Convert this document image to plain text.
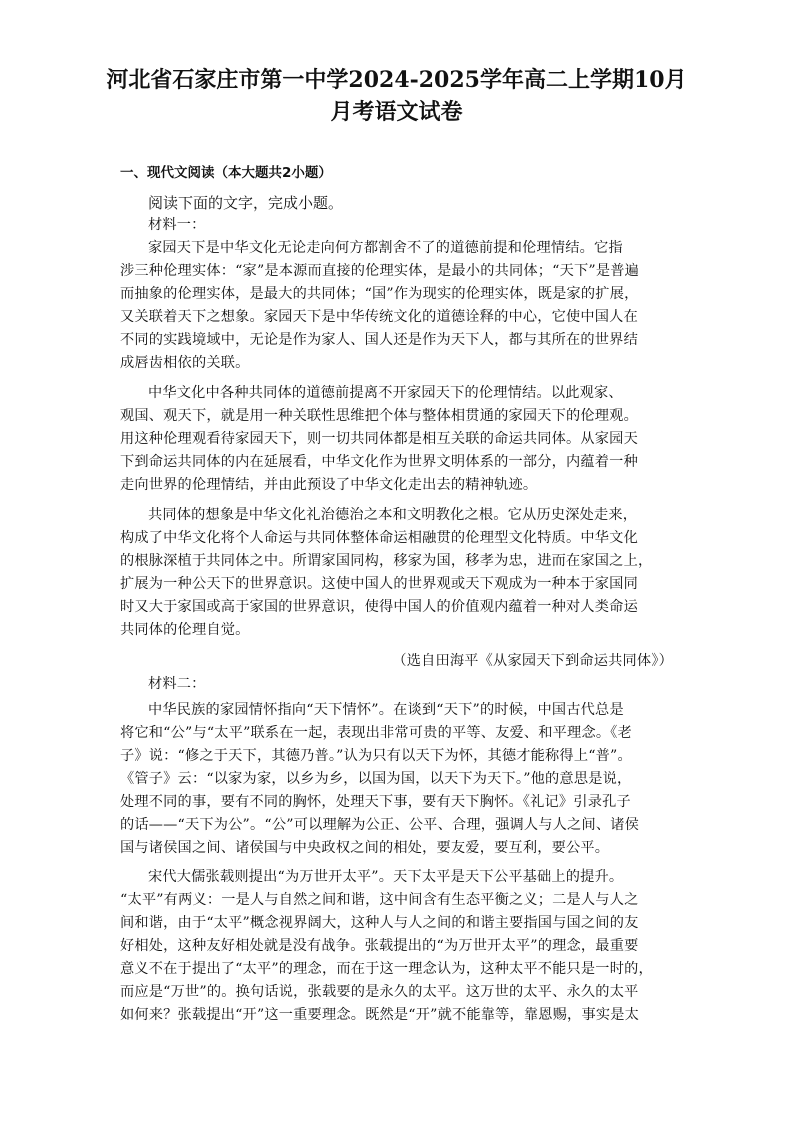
河北省石家庄市第一中学2024-2025学年高二上学期10月
月考语文试卷
一、现代文阅读（本大题共2小题）
阅读下面的文字，完成小题。
材料一：
家园天下是中华文化无论走向何方都割舍不了的道德前提和伦理情结。它指
涉三种伦理实体：“家”是本源而直接的伦理实体，是最小的共同体；“天下”是普遍
而抽象的伦理实体，是最大的共同体；“国”作为现实的伦理实体，既是家的扩展，
又关联着天下之想象。家园天下是中华传统文化的道德诠释的中心，它使中国人在
不同的实践境域中，无论是作为家人、国人还是作为天下人，都与其所在的世界结
成唇齿相依的关联。
中华文化中各种共同体的道德前提离不开家园天下的伦理情结。以此观家、
观国、观天下，就是用一种关联性思维把个体与整体相贯通的家园天下的伦理观。
用这种伦理观看待家园天下，则一切共同体都是相互关联的命运共同体。从家园天
下到命运共同体的内在延展看，中华文化作为世界文明体系的一部分，内蕴着一种
走向世界的伦理情结，并由此预设了中华文化走出去的精神轨迹。
共同体的想象是中华文化礼治德治之本和文明教化之根。它从历史深处走来，
构成了中华文化将个人命运与共同体整体命运相融贯的伦理型文化特质。中华文化
的根脉深植于共同体之中。所谓家国同构，移家为国，移孝为忠，进而在家国之上，
扩展为一种公天下的世界意识。这使中国人的世界观或天下观成为一种本于家国同
时又大于家国或高于家国的世界意识，使得中国人的价值观内蕴着一种对人类命运
共同体的伦理自觉。
（选自田海平《从家园天下到命运共同体》）
材料二：
中华民族的家园情怀指向“天下情怀”。在谈到“天下”的时候，中国古代总是
将它和“公”与“太平”联系在一起，表现出非常可贵的平等、友爱、和平理念。《老
子》说：“修之于天下，其德乃普。”认为只有以天下为怀，其德才能称得上“普”。
《管子》云：“以家为家，以乡为乡，以国为国，以天下为天下。”他的意思是说，
处理不同的事，要有不同的胸怀，处理天下事，要有天下胸怀。《礼记》引录孔子
的话——“天下为公”。“公”可以理解为公正、公平、合理，强调人与人之间、诸侯
国与诸侯国之间、诸侯国与中央政权之间的相处，要友爱，要互利，要公平。
宋代大儒张载则提出“为万世开太平”。天下太平是天下公平基础上的提升。
“太平”有两义：一是人与自然之间和谐，这中间含有生态平衡之义；二是人与人之
间和谐，由于“太平”概念视界阔大，这种人与人之间的和谐主要指国与国之间的友
好相处，这种友好相处就是没有战争。张载提出的“为万世开太平”的理念，最重要
意义不在于提出了“太平”的理念，而在于这一理念认为，这种太平不能只是一时的，
而应是“万世”的。换句话说，张载要的是永久的太平。这万世的太平、永久的太平
如何来？张载提出“开”这一重要理念。既然是“开”就不能靠等，靠恩赐，事实是太
